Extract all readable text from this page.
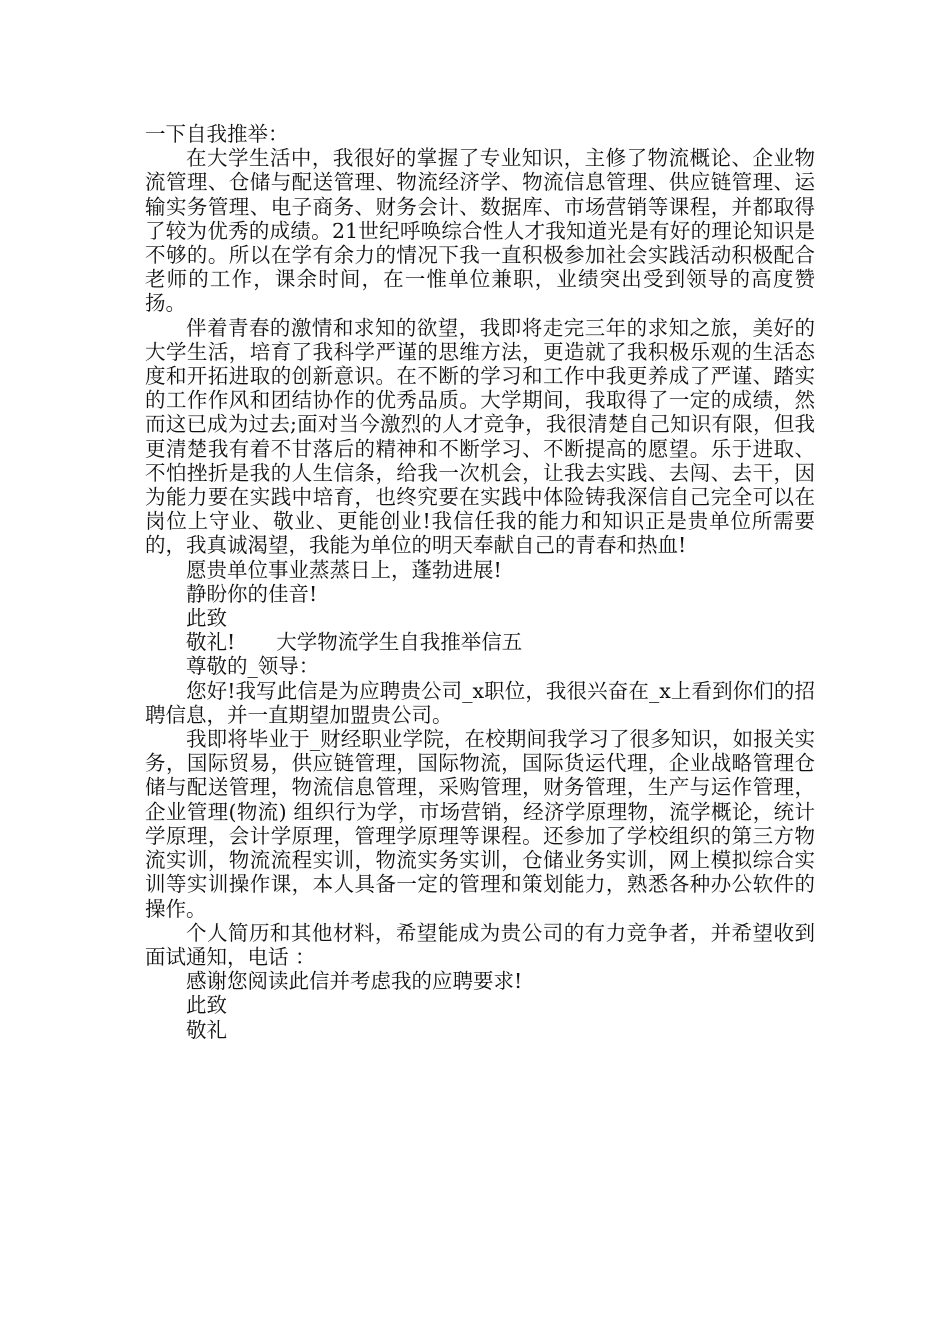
一下自我推举：

在大学生活中，我很好的掌握了专业知识，主修了物流概论、企业物流管理、仓储与配送管理、物流经济学、物流信息管理、供应链管理、运输实务管理、电子商务、财务会计、数据库、市场营销等课程，并都取得了较为优秀的成绩。21世纪呼唤综合性人才我知道光是有好的理论知识是不够的。所以在学有余力的情况下我一直积极参加社会实践活动积极配合老师的工作，课余时间，在一惟单位兼职，业绩突出受到领导的高度赞扬。

伴着青春的激情和求知的欲望，我即将走完三年的求知之旅，美好的大学生活，培育了我科学严谨的思维方法，更造就了我积极乐观的生活态度和开拓进取的创新意识。在不断的学习和工作中我更养成了严谨、踏实的工作作风和团结协作的优秀品质。大学期间，我取得了一定的成绩，然而这已成为过去;面对当今激烈的人才竞争，我很清楚自己知识有限，但我更清楚我有着不甘落后的精神和不断学习、不断提高的愿望。乐于进取、不怕挫折是我的人生信条，给我一次机会，让我去实践、去闯、去干，因为能力要在实践中培育，也终究要在实践中体险铸我深信自己完全可以在岗位上守业、敬业、更能创业!我信任我的能力和知识正是贵单位所需要的，我真诚渴望，我能为单位的明天奉献自己的青春和热血!

愿贵单位事业蒸蒸日上，蓬勃进展!

静盼你的佳音!

此致

敬礼! 大学物流学生自我推举信五

尊敬的_领导：

您好!我写此信是为应聘贵公司_x职位，我很兴奋在_x上看到你们的招聘信息，并一直期望加盟贵公司。

我即将毕业于_财经职业学院，在校期间我学习了很多知识，如报关实务，国际贸易，供应链管理，国际物流，国际货运代理，企业战略管理仓储与配送管理，物流信息管理，采购管理，财务管理，生产与运作管理，企业管理(物流) 组织行为学，市场营销，经济学原理物，流学概论，统计学原理，会计学原理，管理学原理等课程。还参加了学校组织的第三方物流实训，物流流程实训，物流实务实训，仓储业务实训，网上模拟综合实训等实训操作课，本人具备一定的管理和策划能力，熟悉各种办公软件的操作。

个人简历和其他材料，希望能成为贵公司的有力竞争者，并希望收到面试通知，电话 ：

感谢您阅读此信并考虑我的应聘要求!

此致

敬礼
